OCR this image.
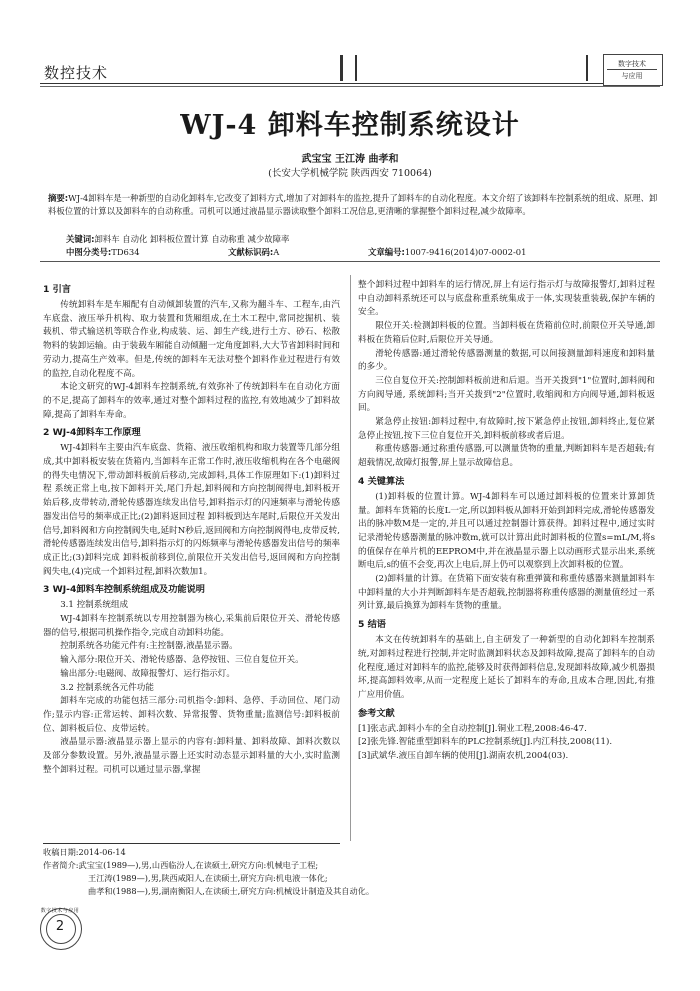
数控技术	数字技术
与应用
WJ-4 卸料车控制系统设计
武宝宝 王江涛 曲孝和
(长安大学机械学院 陕西西安 710064)
摘要:WJ-4卸料车是一种新型的自动化卸料车,它改变了卸料方式,增加了对卸料车的监控,提升了卸料车的自动化程度。本文介绍了该卸料车控制系统的组成、原理、卸料板位置的计算以及卸料车的自动称重。司机可以通过液晶显示器读取整个卸料工况信息,更清晰的掌握整个卸料过程,减少故障率。
关键词:卸料车 自动化 卸料板位置计算 自动称重 减少故障率
中图分类号:TD634	文献标识码:A	文章编号:1007-9416(2014)07-0002-01
1 引言

传统卸料车是车厢配有自动倾卸装置的汽车,又称为翻斗车、工程车,由汽车底盘、液压举升机构、取力装置和货厢组成,在土木工程中,常同挖掘机、装载机、带式输送机等联合作业,构成装、运、卸生产线,进行土方、砂石、松散物料的装卸运输。由于装载车厢能自动倾翻一定角度卸料,大大节省卸料时间和劳动力,提高生产效率。但是,传统的卸料车无法对整个卸料作业过程进行有效的监控,自动化程度不高。

本论文研究的WJ-4卸料车控制系统,有效弥补了传统卸料车在自动化方面的不足,提高了卸料车的效率,通过对整个卸料过程的监控,有效地减少了卸料故障,提高了卸料车寿命。

2 WJ-4卸料车工作原理

WJ-4卸料车主要由汽车底盘、货箱、液压收缩机构和取力装置等几部分组成,其中卸料板安装在货箱内,当卸料车正常工作时,液压收缩机构在各个电磁阀的得失电情况下,带动卸料板前后移动,完成卸料,具体工作原理如下:(1)卸料过程 系统正常上电,按下卸料开关,尾门升起,卸料阀和方向控制阀得电,卸料板开始后移,皮带转动,滑轮传感器连续发出信号,卸料指示灯的闪速频率与滑轮传感器发出信号的频率成正比;(2)卸料返回过程 卸料板到达车尾时,后限位开关发出信号,卸料阀和方向控制阀失电,延时N秒后,返回阀和方向控制阀得电,皮带反转,滑轮传感器连续发出信号,卸料指示灯的闪烁频率与滑轮传感器发出信号的频率成正比;(3)卸料完成 卸料板前移到位,前限位开关发出信号,返回阀和方向控制阀失电,(4)完成一个卸料过程,卸料次数加1。

3 WJ-4卸料车控制系统组成及功能说明

3.1 控制系统组成

WJ-4卸料车控制系统以专用控制器为核心,采集前后限位开关、滑轮传感器的信号,根据司机操作指令,完成自动卸料功能。

控制系统各功能元件有:主控制器,液晶显示器。

输入部分:限位开关、滑轮传感器、急停按钮、三位自复位开关。

输出部分:电磁阀、故障报警灯、运行指示灯。

3.2 控制系统各元件功能

卸料车完成的功能包括三部分:司机指令:卸料、急停、手动回位、尾门动作;显示内容:正常运转、卸料次数、异常报警、货物重量;监测信号:卸料板前位、卸料板后位、皮带运转。

液晶显示器:液晶显示器上显示的内容有:卸料量、卸料故障、卸料次数以及部分参数设置。另外,液晶显示器上还实时动态显示卸料量的大小,实时监测整个卸料过程。司机可以通过显示器,掌握

整个卸料过程中卸料车的运行情况,屏上有运行指示灯与故障报警灯,卸料过程中自动卸料系统还可以与底盘称重系统集成于一体,实现装重装载,保护车辆的安全。

限位开关:检测卸料板的位置。当卸料板在货箱前位时,前限位开关导通,卸料板在货箱后位时,后限位开关导通。

滑轮传感器:通过滑轮传感器测量的数据,可以间接测量卸料速度和卸料量的多少。

三位自复位开关:控制卸料板前进和后退。当开关拨到"1"位置时,卸料阀和方向阀导通, 系统卸料;当开关拨到"2"位置时,收缩阀和方向阀导通,卸料板返回。

紧急停止按钮:卸料过程中,有故障时,按下紧急停止按钮,卸料终止,复位紧急停止按钮,按下三位自复位开关,卸料板前移或者后退。

称重传感器:通过称重传感器,可以测量货物的重量,判断卸料车是否超载;有超载情况,故障灯报警,屏上显示故障信息。

4 关键算法

(1)卸料板的位置计算。WJ-4卸料车可以通过卸料板的位置来计算卸货量。卸料车货箱的长度L一定,所以卸料板从卸料开始到卸料完成,滑轮传感器发出的脉冲数M是一定的,并且可以通过控制器计算获得。卸料过程中,通过实时记录滑轮传感器测量的脉冲数m,就可以计算出此时卸料板的位置s=mL/M,将s的值保存在单片机的EEPROM中,并在液晶显示器上以动画形式显示出来,系统断电后,s的值不会变,再次上电后,屏上仍可以观察到上次卸料板的位置。

(2)卸料量的计算。在货箱下面安装有称重弹簧和称重传感器来测量卸料车中卸料量的大小并判断卸料车是否超载,控制器将称重传感器的测量值经过一系列计算,最后换算为卸料车货物的重量。

5 结语

本文在传统卸料车的基础上,自主研发了一种新型的自动化卸料车控制系统,对卸料过程进行控制,并定时监测卸料状态及卸料故障,提高了卸料车的自动化程度,通过对卸料车的监控,能够及时获得卸料信息,发现卸料故障,减少机器损坏,提高卸料效率,从而一定程度上延长了卸料车的寿命,且成本合理,因此,有推广应用价值。

参考文献

[1]张志武.卸料小车的全自动控制[J].铜业工程,2008:46-47.

[2]张先锋.智能重型卸料车的PLC控制系统[J].内江科技,2008(11).

[3]武斌华.液压自卸车辆的使用[J].湖南农机,2004(03).

收稿日期:2014-06-14
作者简介:武宝宝(1989—),男,山西临汾人,在读硕士,研究方向:机械电子工程;
王江涛(1989—),男,陕西咸阳人,在读硕士,研究方向:机电液一体化;
曲孝和(1988—),男,湖南衡阳人,在读硕士,研究方向:机械设计制造及其自动化。
数字技术与应用
2
